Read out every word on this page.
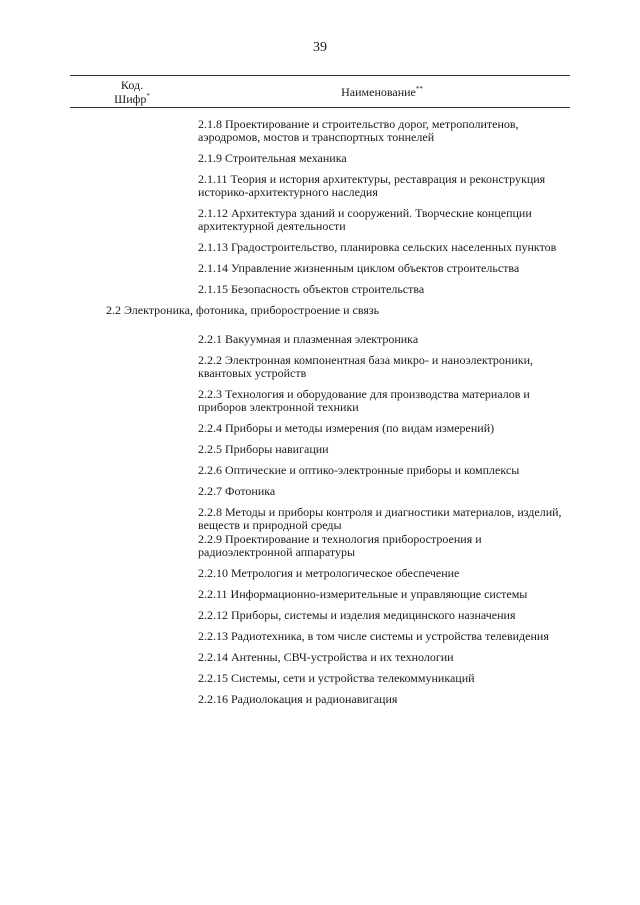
39
Код.
Шифр*	Наименование**
2.1.8 Проектирование и строительство дорог, метрополитенов, аэродромов, мостов и транспортных тоннелей
2.1.9 Строительная механика
2.1.11 Теория и история архитектуры, реставрация и реконструкция историко-архитектурного наследия
2.1.12 Архитектура зданий и сооружений. Творческие концепции архитектурной деятельности
2.1.13 Градостроительство, планировка сельских населенных пунктов
2.1.14 Управление жизненным циклом объектов строительства
2.1.15 Безопасность объектов строительства
2.2 Электроника, фотоника, приборостроение и связь
2.2.1 Вакуумная и плазменная электроника
2.2.2 Электронная компонентная база микро- и наноэлектроники, квантовых устройств
2.2.3 Технология и оборудование для производства материалов и приборов электронной техники
2.2.4 Приборы и методы измерения (по видам измерений)
2.2.5 Приборы навигации
2.2.6 Оптические и оптико-электронные приборы и комплексы
2.2.7 Фотоника
2.2.8 Методы и приборы контроля и диагностики материалов, изделий, веществ и природной среды
2.2.9 Проектирование и технология приборостроения и радиоэлектронной аппаратуры
2.2.10 Метрология и метрологическое обеспечение
2.2.11 Информационно-измерительные и управляющие системы
2.2.12 Приборы, системы и изделия медицинского назначения
2.2.13 Радиотехника, в том числе системы и устройства телевидения
2.2.14 Антенны, СВЧ-устройства и их технологии
2.2.15 Системы, сети и устройства телекоммуникаций
2.2.16 Радиолокация и радионавигация
